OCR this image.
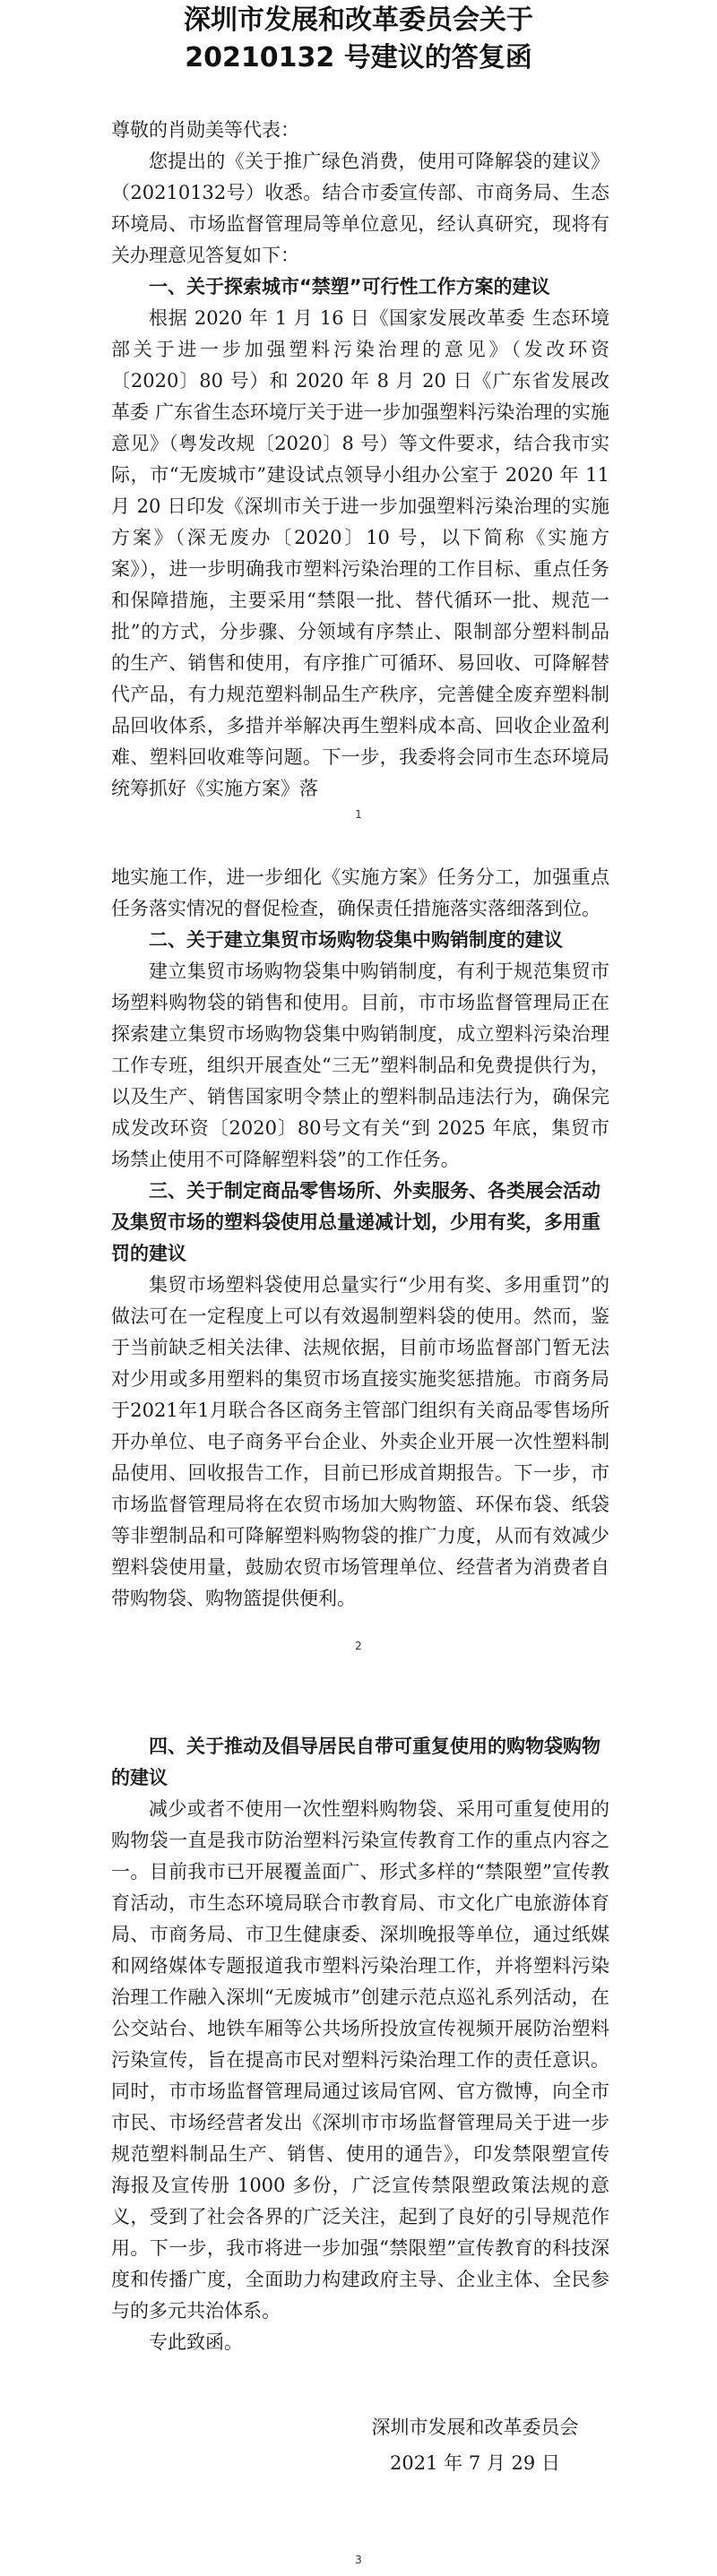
深圳市发展和改革委员会关于
20210132 号建议的答复函

尊敬的肖勋美等代表：

您提出的《关于推广绿色消费，使用可降解袋的建议》（20210132号）收悉。结合市委宣传部、市商务局、生态环境局、市场监督管理局等单位意见，经认真研究，现将有关办理意见答复如下：

一、关于探索城市“禁塑”可行性工作方案的建议

根据 2020 年 1 月 16 日《国家发展改革委 生态环境部关于进一步加强塑料污染治理的意见》（发改环资〔2020〕80 号）和 2020 年 8 月 20 日《广东省发展改革委 广东省生态环境厅关于进一步加强塑料污染治理的实施意见》（粤发改规〔2020〕8 号）等文件要求，结合我市实际，市“无废城市”建设试点领导小组办公室于 2020 年 11 月 20 日印发《深圳市关于进一步加强塑料污染治理的实施方案》（深无废办〔2020〕10 号，以下简称《实施方案》），进一步明确我市塑料污染治理的工作目标、重点任务和保障措施，主要采用“禁限一批、替代循环一批、规范一批”的方式，分步骤、分领域有序禁止、限制部分塑料制品的生产、销售和使用，有序推广可循环、易回收、可降解替代产品，有力规范塑料制品生产秩序，完善健全废弃塑料制品回收体系，多措并举解决再生塑料成本高、回收企业盈利难、塑料回收难等问题。下一步，我委将会同市生态环境局统筹抓好《实施方案》落

1

地实施工作，进一步细化《实施方案》任务分工，加强重点任务落实情况的督促检查，确保责任措施落实落细落到位。

二、关于建立集贸市场购物袋集中购销制度的建议

建立集贸市场购物袋集中购销制度，有利于规范集贸市场塑料购物袋的销售和使用。目前，市市场监督管理局正在探索建立集贸市场购物袋集中购销制度，成立塑料污染治理工作专班，组织开展查处“三无”塑料制品和免费提供行为，以及生产、销售国家明令禁止的塑料制品违法行为，确保完成发改环资〔2020〕80号文有关“到 2025 年底，集贸市场禁止使用不可降解塑料袋”的工作任务。

三、关于制定商品零售场所、外卖服务、各类展会活动及集贸市场的塑料袋使用总量递减计划，少用有奖，多用重罚的建议

集贸市场塑料袋使用总量实行“少用有奖、多用重罚”的做法可在一定程度上可以有效遏制塑料袋的使用。然而，鉴于当前缺乏相关法律、法规依据，目前市场监督部门暂无法对少用或多用塑料的集贸市场直接实施奖惩措施。市商务局于2021年1月联合各区商务主管部门组织有关商品零售场所开办单位、电子商务平台企业、外卖企业开展一次性塑料制品使用、回收报告工作，目前已形成首期报告。下一步，市市场监督管理局将在农贸市场加大购物篮、环保布袋、纸袋等非塑制品和可降解塑料购物袋的推广力度，从而有效减少塑料袋使用量，鼓励农贸市场管理单位、经营者为消费者自带购物袋、购物篮提供便利。

2

四、关于推动及倡导居民自带可重复使用的购物袋购物的建议

减少或者不使用一次性塑料购物袋、采用可重复使用的购物袋一直是我市防治塑料污染宣传教育工作的重点内容之一。目前我市已开展覆盖面广、形式多样的“禁限塑”宣传教育活动，市生态环境局联合市教育局、市文化广电旅游体育局、市商务局、市卫生健康委、深圳晚报等单位，通过纸媒和网络媒体专题报道我市塑料污染治理工作，并将塑料污染治理工作融入深圳“无废城市”创建示范点巡礼系列活动，在公交站台、地铁车厢等公共场所投放宣传视频开展防治塑料污染宣传，旨在提高市民对塑料污染治理工作的责任意识。同时，市市场监督管理局通过该局官网、官方微博，向全市市民、市场经营者发出《深圳市市场监督管理局关于进一步规范塑料制品生产、销售、使用的通告》，印发禁限塑宣传海报及宣传册 1000 多份，广泛宣传禁限塑政策法规的意义，受到了社会各界的广泛关注，起到了良好的引导规范作用。下一步，我市将进一步加强“禁限塑”宣传教育的科技深度和传播广度，全面助力构建政府主导、企业主体、全民参与的多元共治体系。

专此致函。

深圳市发展和改革委员会
2021 年 7 月 29 日
3
